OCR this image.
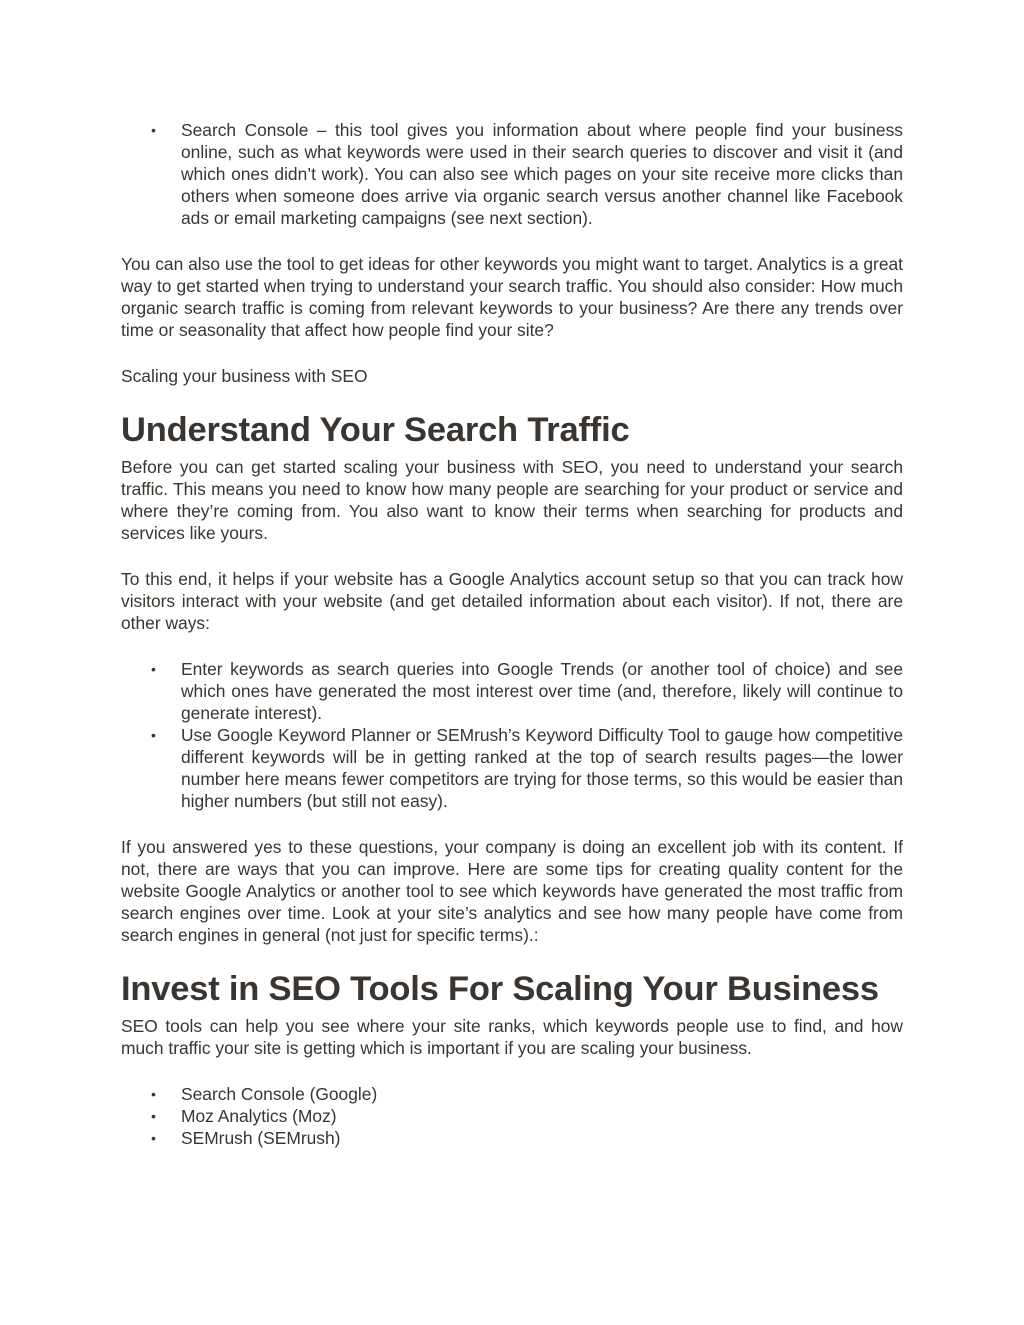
• Search Console – this tool gives you information about where people find your business online, such as what keywords were used in their search queries to discover and visit it (and which ones didn’t work). You can also see which pages on your site receive more clicks than others when someone does arrive via organic search versus another channel like Facebook ads or email marketing campaigns (see next section).

You can also use the tool to get ideas for other keywords you might want to target. Analytics is a great way to get started when trying to understand your search traffic. You should also consider: How much organic search traffic is coming from relevant keywords to your business? Are there any trends over time or seasonality that affect how people find your site?

Scaling your business with SEO

Understand Your Search Traffic

Before you can get started scaling your business with SEO, you need to understand your search traffic. This means you need to know how many people are searching for your product or service and where they’re coming from. You also want to know their terms when searching for products and services like yours.

To this end, it helps if your website has a Google Analytics account setup so that you can track how visitors interact with your website (and get detailed information about each visitor). If not, there are other ways:

• Enter keywords as search queries into Google Trends (or another tool of choice) and see which ones have generated the most interest over time (and, therefore, likely will continue to generate interest).
• Use Google Keyword Planner or SEMrush’s Keyword Difficulty Tool to gauge how competitive different keywords will be in getting ranked at the top of search results pages—the lower number here means fewer competitors are trying for those terms, so this would be easier than higher numbers (but still not easy).

If you answered yes to these questions, your company is doing an excellent job with its content. If not, there are ways that you can improve. Here are some tips for creating quality content for the website Google Analytics or another tool to see which keywords have generated the most traffic from search engines over time. Look at your site’s analytics and see how many people have come from search engines in general (not just for specific terms).:

Invest in SEO Tools For Scaling Your Business

SEO tools can help you see where your site ranks, which keywords people use to find, and how much traffic your site is getting which is important if you are scaling your business.

• Search Console (Google)
• Moz Analytics (Moz)
• SEMrush (SEMrush)
